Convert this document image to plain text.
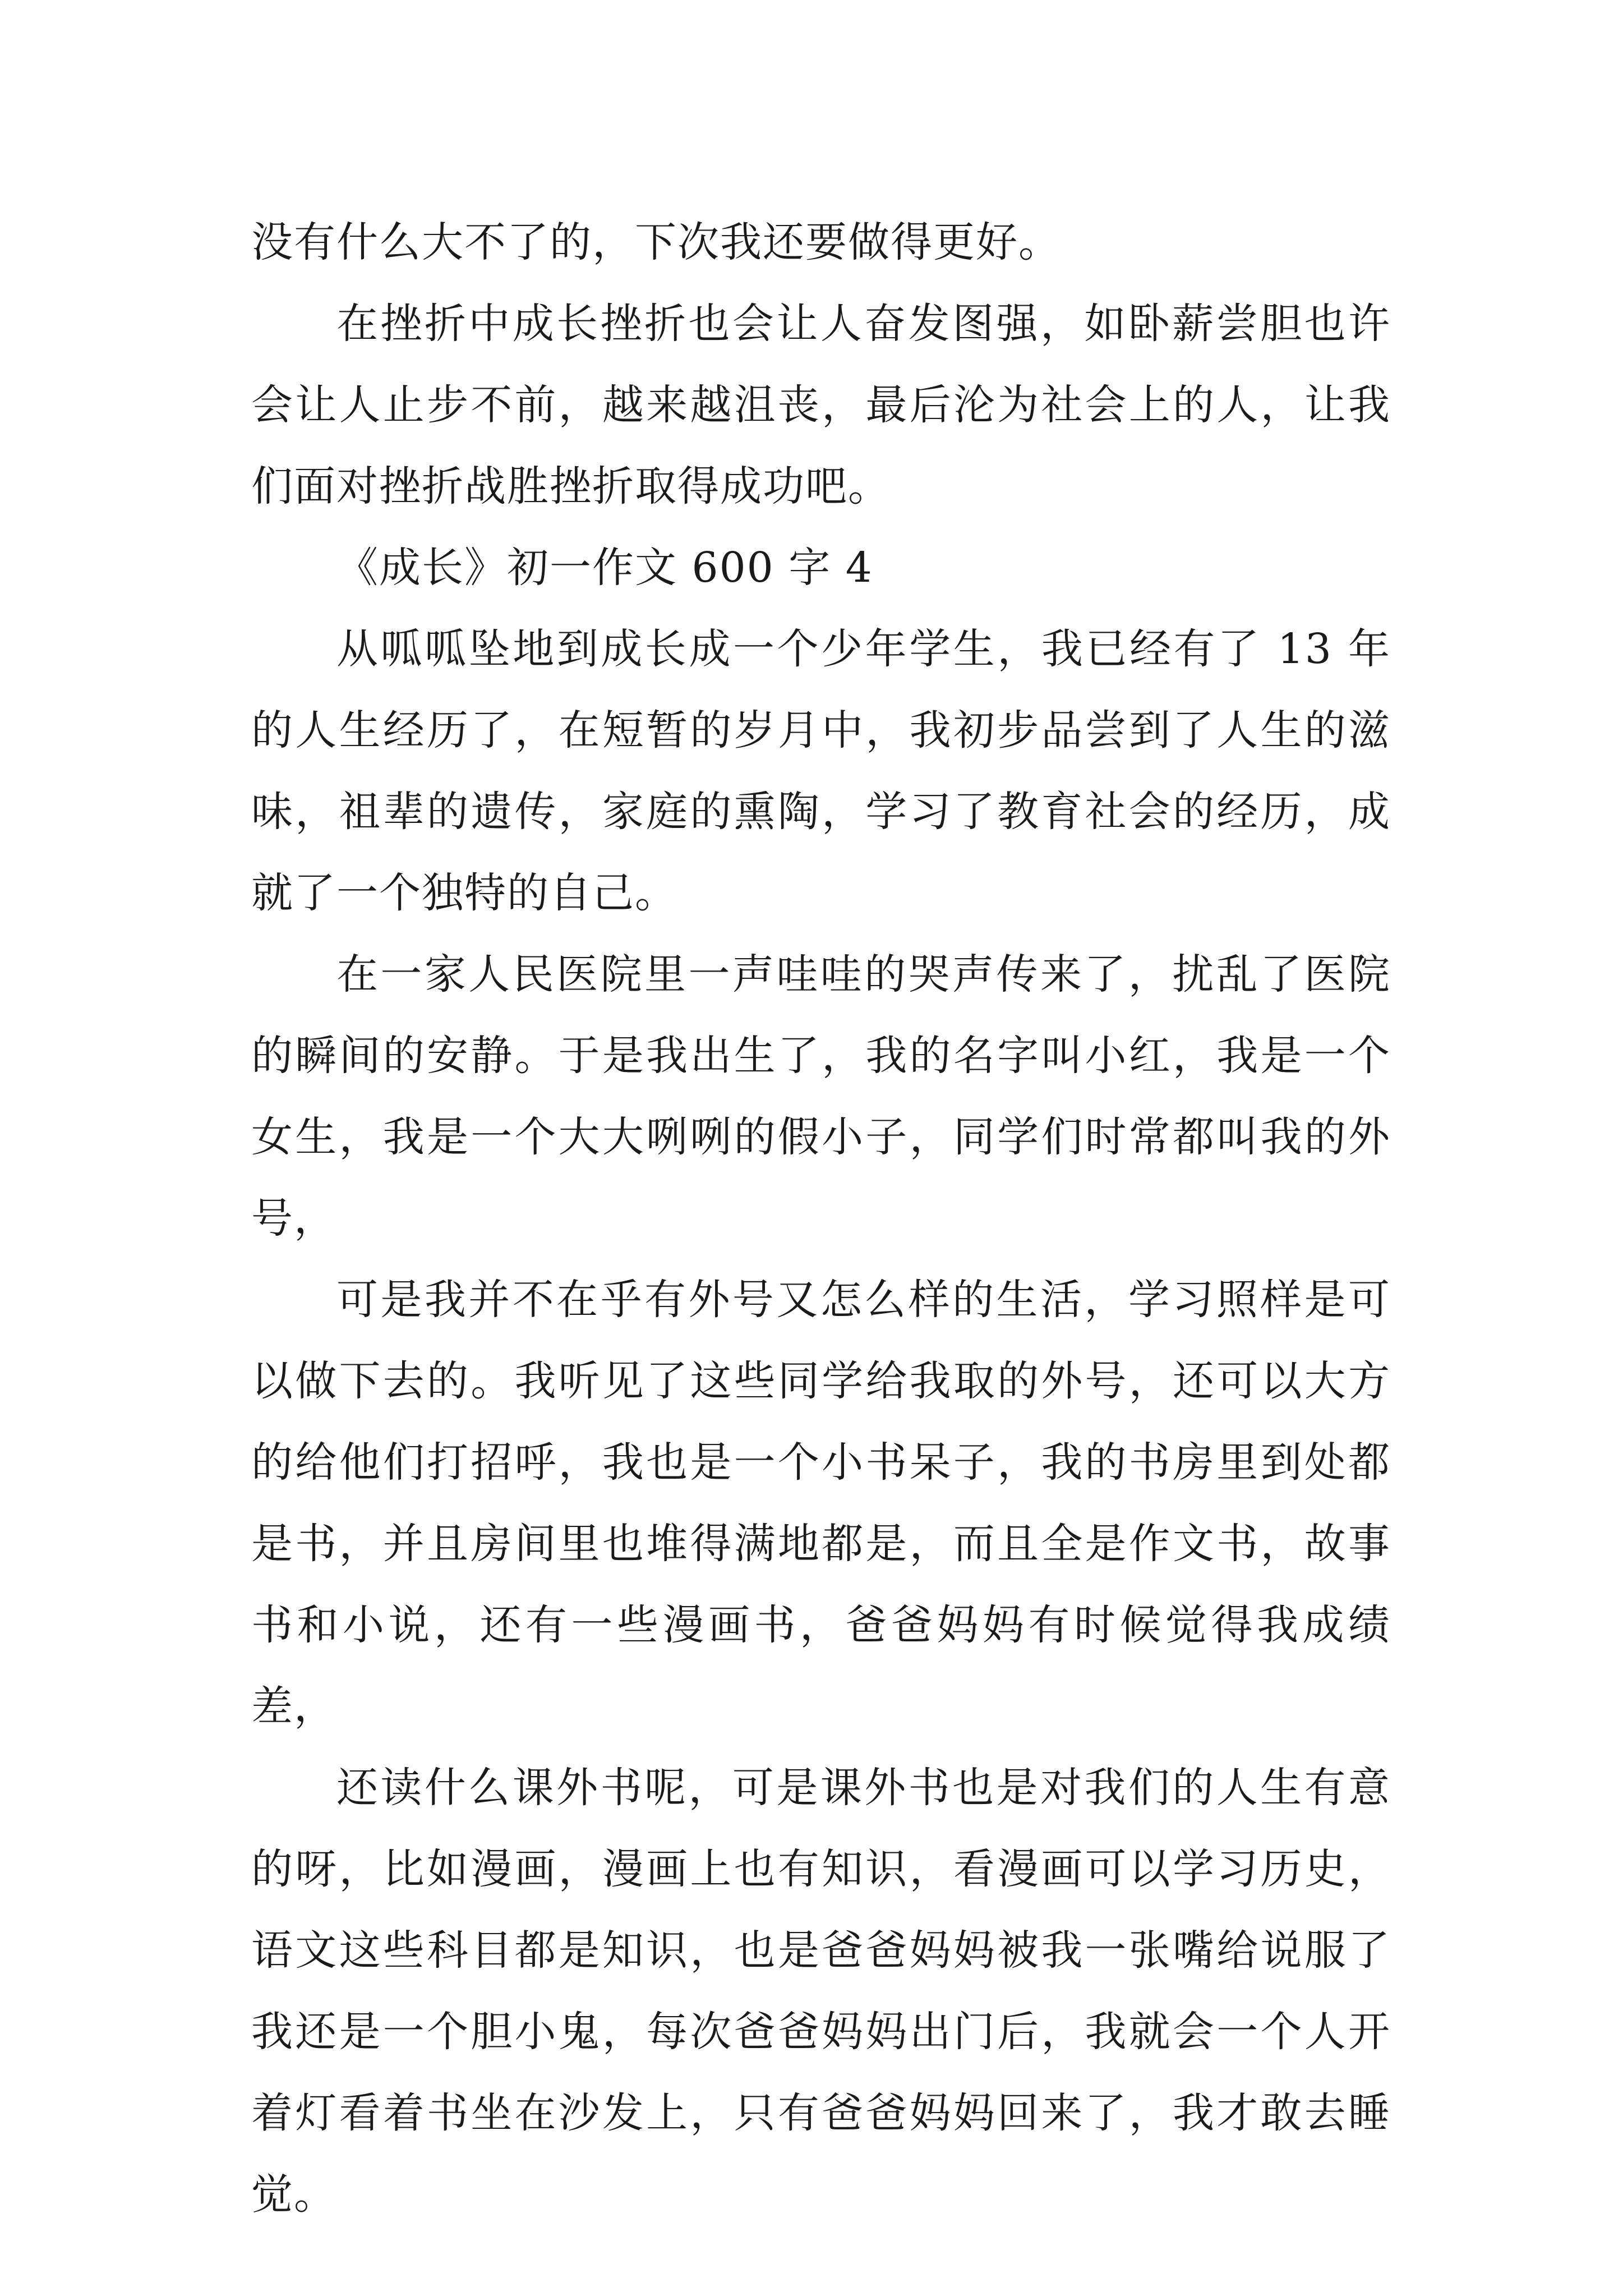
没有什么大不了的，下次我还要做得更好。

在挫折中成长挫折也会让人奋发图强，如卧薪尝胆也许会让人止步不前，越来越沮丧，最后沦为社会上的人，让我们面对挫折战胜挫折取得成功吧。

《成长》初一作文 600 字 4

从呱呱坠地到成长成一个少年学生，我已经有了 13 年的人生经历了，在短暂的岁月中，我初步品尝到了人生的滋味，祖辈的遗传，家庭的熏陶，学习了教育社会的经历，成就了一个独特的自己。

在一家人民医院里一声哇哇的哭声传来了，扰乱了医院的瞬间的安静。于是我出生了，我的名字叫小红，我是一个女生，我是一个大大咧咧的假小子，同学们时常都叫我的外号，

可是我并不在乎有外号又怎么样的生活，学习照样是可以做下去的。我听见了这些同学给我取的外号，还可以大方的给他们打招呼，我也是一个小书呆子，我的书房里到处都是书，并且房间里也堆得满地都是，而且全是作文书，故事书和小说，还有一些漫画书，爸爸妈妈有时候觉得我成绩差，

还读什么课外书呢，可是课外书也是对我们的人生有意的呀，比如漫画，漫画上也有知识，看漫画可以学习历史，语文这些科目都是知识，也是爸爸妈妈被我一张嘴给说服了我还是一个胆小鬼，每次爸爸妈妈出门后，我就会一个人开着灯看着书坐在沙发上，只有爸爸妈妈回来了，我才敢去睡觉。
